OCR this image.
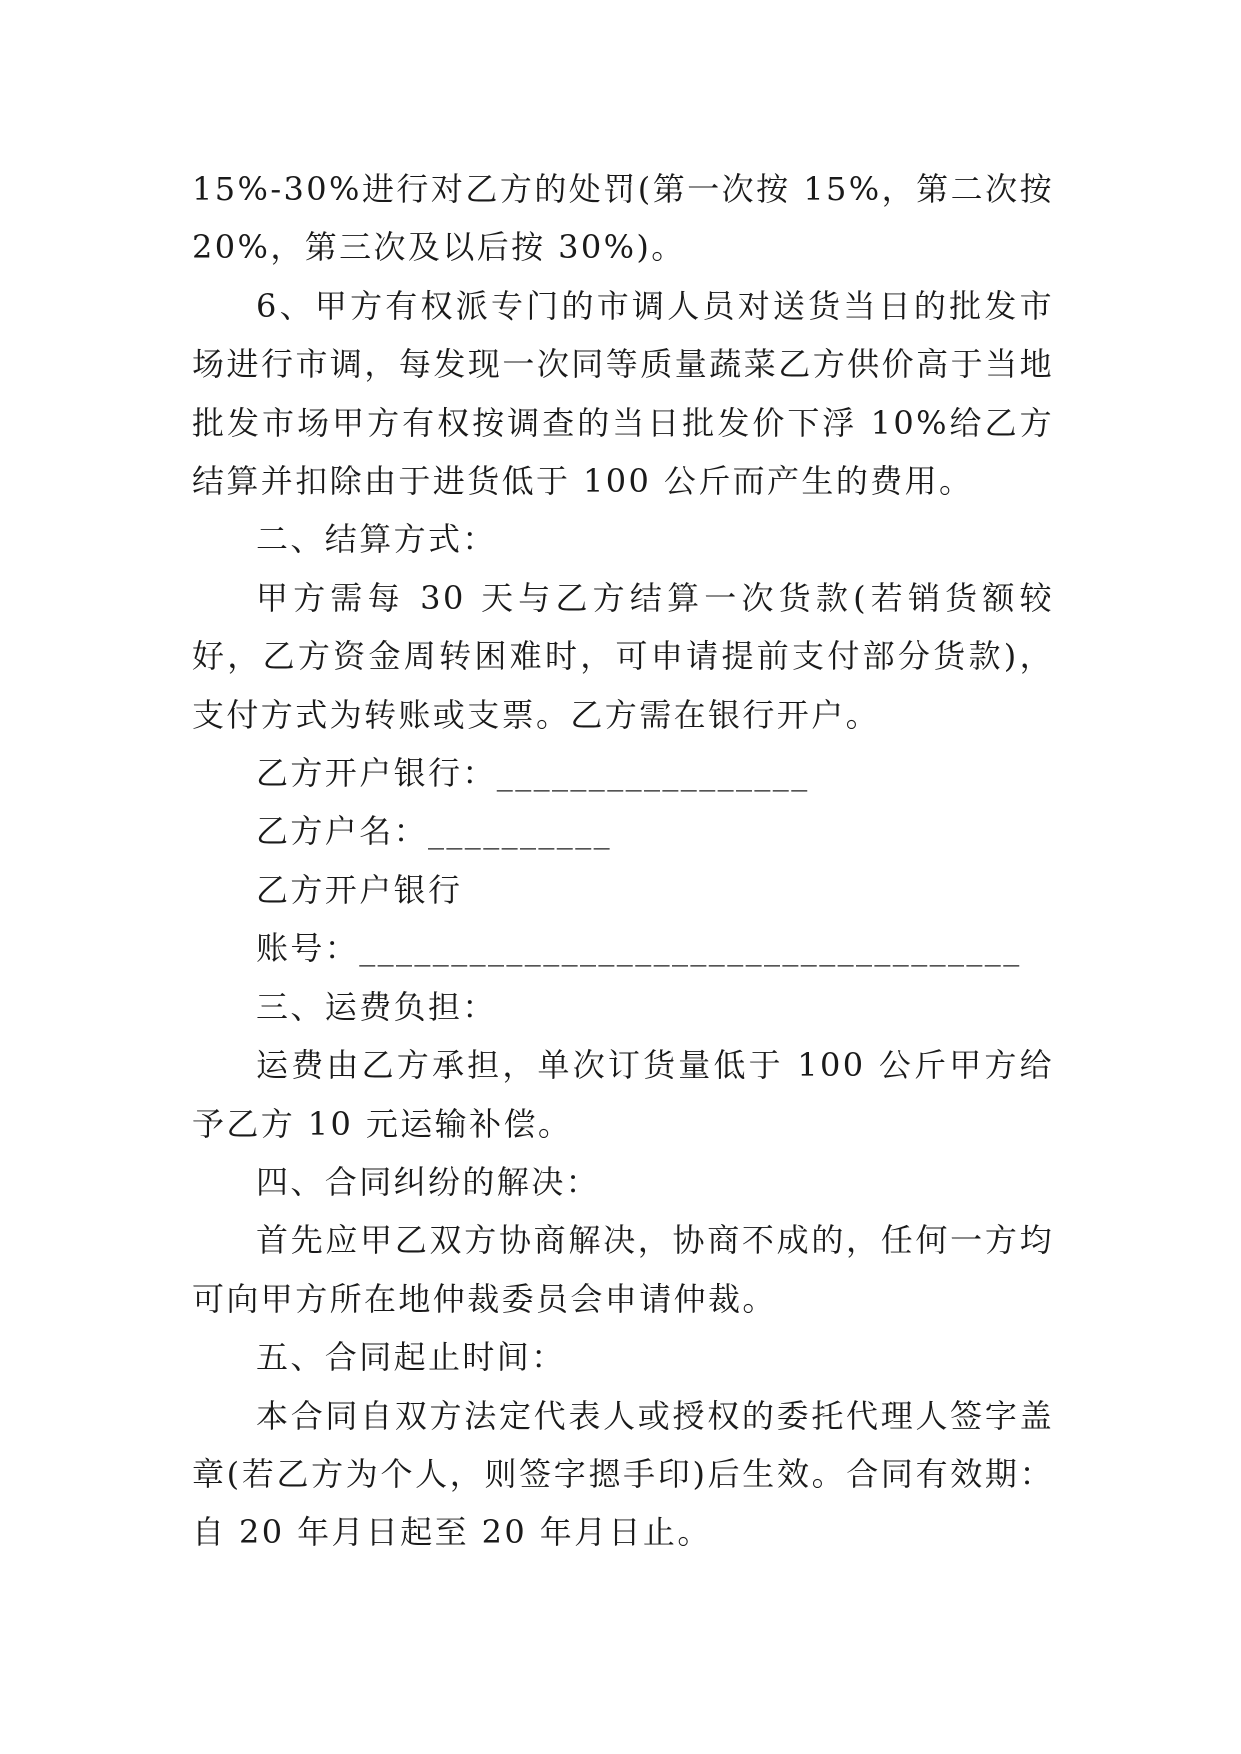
15%-30%进行对乙方的处罚(第一次按 15%，第二次按 20%，第三次及以后按 30%)。

6、甲方有权派专门的市调人员对送货当日的批发市场进行市调，每发现一次同等质量蔬菜乙方供价高于当地批发市场甲方有权按调查的当日批发价下浮 10%给乙方结算并扣除由于进货低于 100 公斤而产生的费用。

二、结算方式：

甲方需每 30 天与乙方结算一次货款(若销货额较好，乙方资金周转困难时，可申请提前支付部分货款)，支付方式为转账或支票。乙方需在银行开户。

乙方开户银行：_________________

乙方户名：__________

乙方开户银行

账号：____________________________________

三、运费负担：

运费由乙方承担，单次订货量低于 100 公斤甲方给予乙方 10 元运输补偿。

四、合同纠纷的解决：

首先应甲乙双方协商解决，协商不成的，任何一方均可向甲方所在地仲裁委员会申请仲裁。

五、合同起止时间：

本合同自双方法定代表人或授权的委托代理人签字盖章(若乙方为个人，则签字摁手印)后生效。合同有效期：自 20 年月日起至 20 年月日止。
